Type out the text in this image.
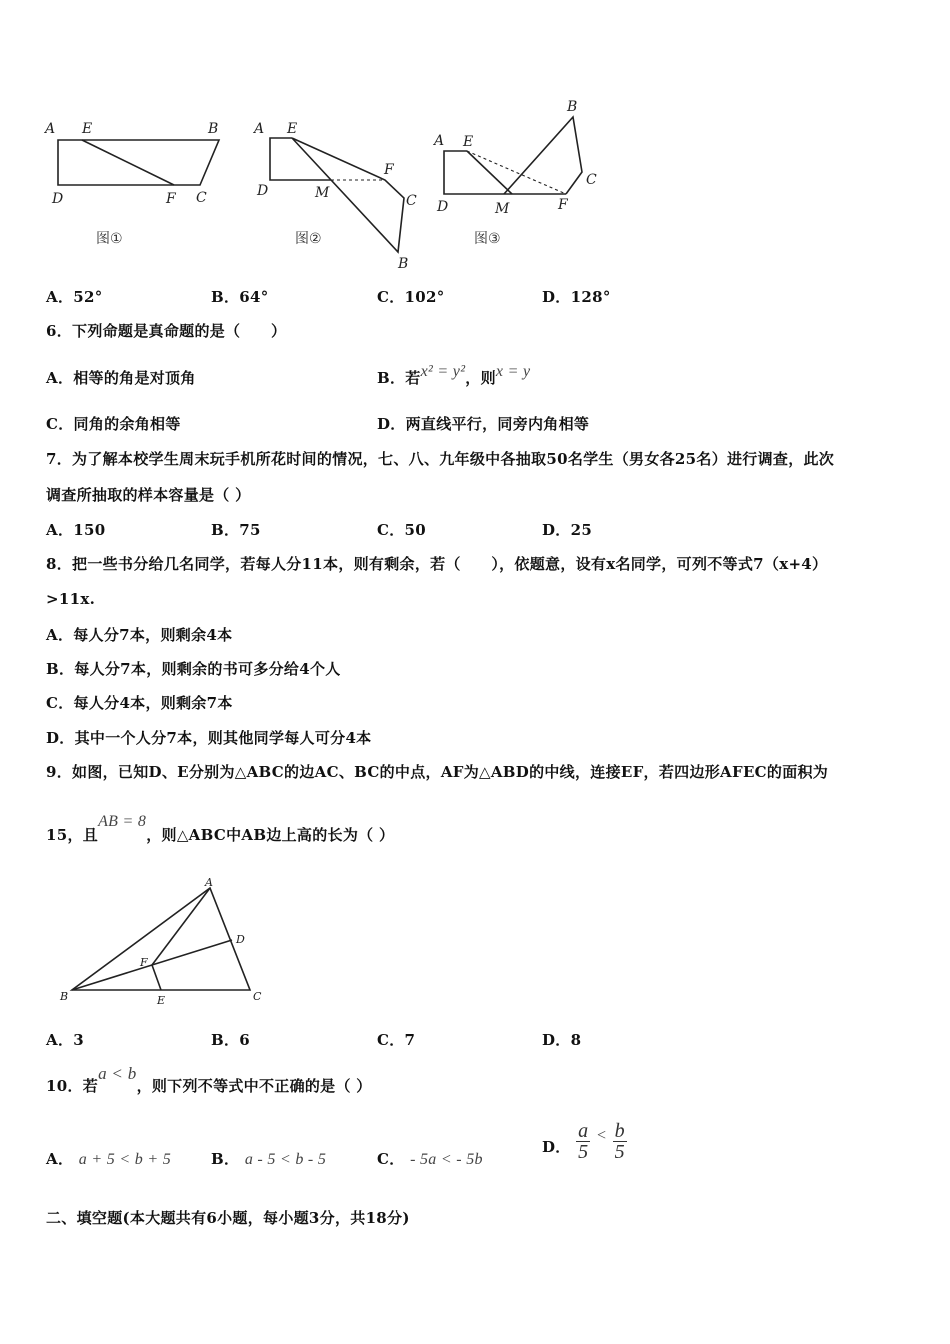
A E	B
D	F C
图①
A E
F
D	M	C
B
图②
B
A E
C
D	M	F
图③
A．52°	B．64°	C．102°	D．128°
6．下列命题是真命题的是（　　）
A．相等的角是对顶角	B．若x² = y²，则x = y
C．同角的余角相等	D．两直线平行，同旁内角相等
7．为了解本校学生周末玩手机所花时间的情况，七、八、九年级中各抽取50名学生（男女各25名）进行调查，此次
调查所抽取的样本容量是（ ）
A．150	B．75	C．50	D．25
8．把一些书分给几名同学，若每人分11本，则有剩余，若（　　），依题意，设有x名同学，可列不等式7（x+4）
>11x.
A．每人分7本，则剩余4本
B．每人分7本，则剩余的书可多分给4个人
C．每人分4本，则剩余7本
D．其中一个人分7本，则其他同学每人可分4本
9．如图，已知D、E分别为△ABC的边AC、BC的中点，AF为△ABD的中线，连接EF，若四边形AFEC的面积为
15，且AB = 8，则△ABC中AB边上高的长为（ ）
A
D
F
B	E	C
A．3	B．6	C．7	D．8
10．若a < b，则下列不等式中不正确的是（ ）
A． a + 5 < b + 5	B． a - 5 < b - 5	C． - 5a < - 5b
D． $\frac{a}{5} < \frac{b}{5}$
二、填空题(本大题共有6小题，每小题3分，共18分)
